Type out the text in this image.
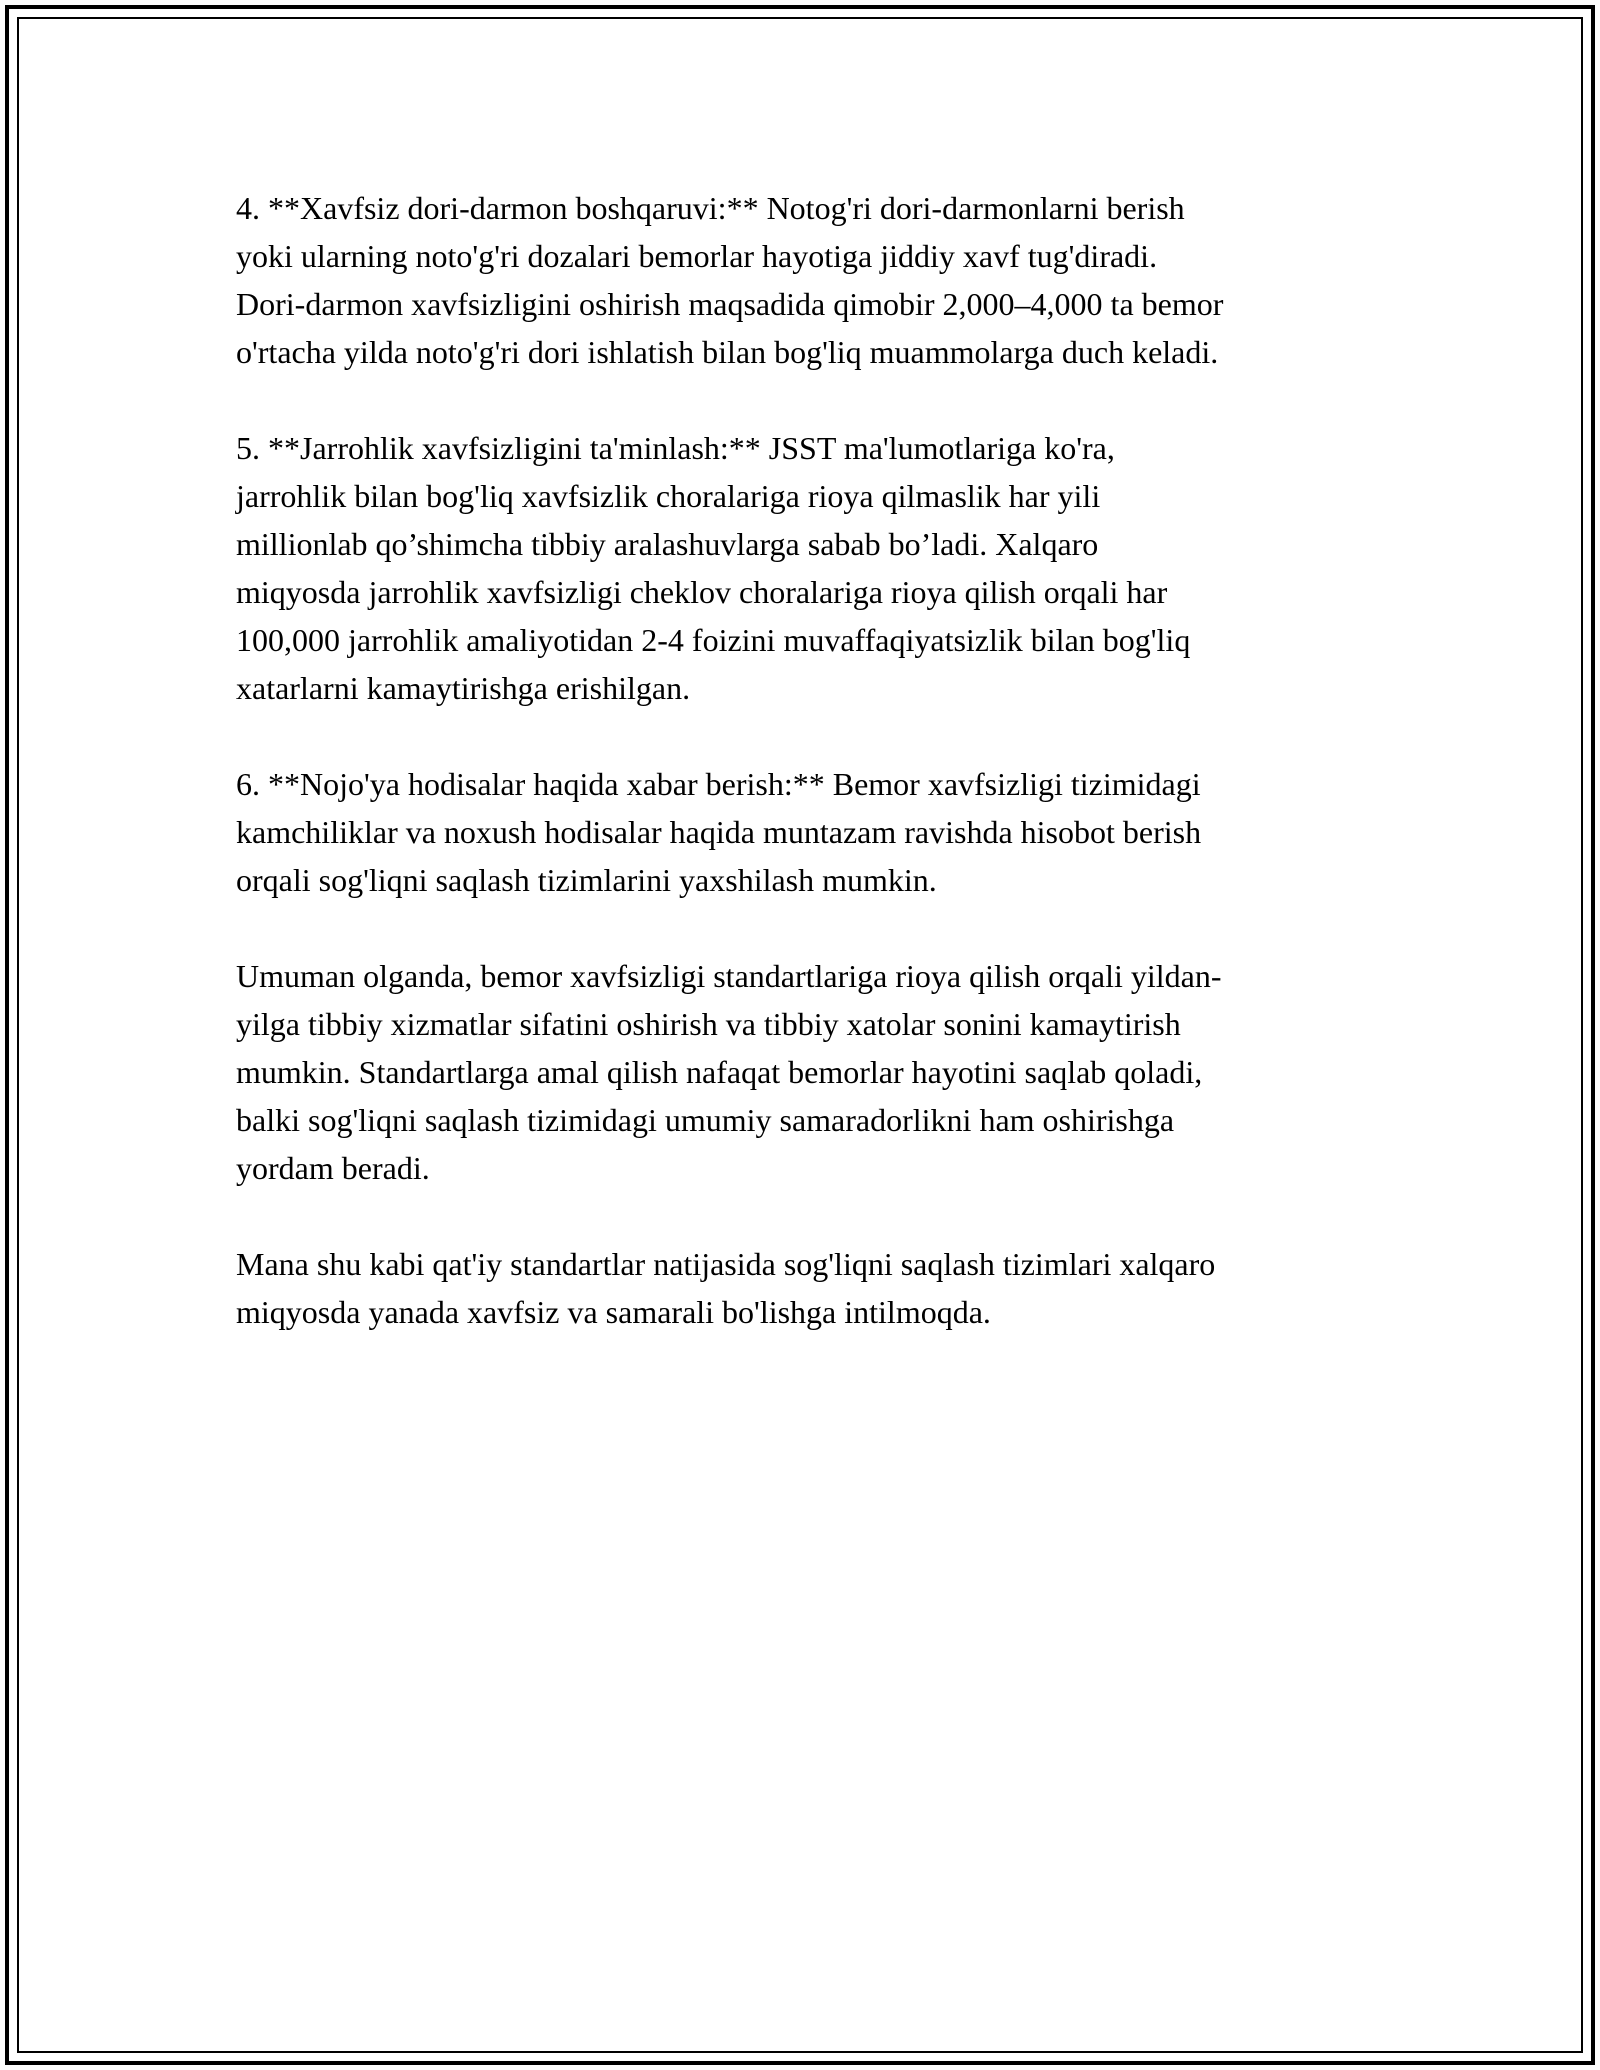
4. **Xavfsiz dori-darmon boshqaruvi:** Notog'ri dori-darmonlarni berish
yoki ularning noto'g'ri dozalari bemorlar hayotiga jiddiy xavf tug'diradi.
Dori-darmon xavfsizligini oshirish maqsadida qimobir 2,000–4,000 ta bemor
o'rtacha yilda noto'g'ri dori ishlatish bilan bog'liq muammolarga duch keladi.

5. **Jarrohlik xavfsizligini ta'minlash:** JSST ma'lumotlariga ko'ra,
jarrohlik bilan bog'liq xavfsizlik choralariga rioya qilmaslik har yili
millionlab qo’shimcha tibbiy aralashuvlarga sabab bo’ladi. Xalqaro
miqyosda jarrohlik xavfsizligi cheklov choralariga rioya qilish orqali har
100,000 jarrohlik amaliyotidan 2-4 foizini muvaffaqiyatsizlik bilan bog'liq
xatarlarni kamaytirishga erishilgan.

6. **Nojo'ya hodisalar haqida xabar berish:** Bemor xavfsizligi tizimidagi
kamchiliklar va noxush hodisalar haqida muntazam ravishda hisobot berish
orqali sog'liqni saqlash tizimlarini yaxshilash mumkin.

Umuman olganda, bemor xavfsizligi standartlariga rioya qilish orqali yildan-
yilga tibbiy xizmatlar sifatini oshirish va tibbiy xatolar sonini kamaytirish
mumkin. Standartlarga amal qilish nafaqat bemorlar hayotini saqlab qoladi,
balki sog'liqni saqlash tizimidagi umumiy samaradorlikni ham oshirishga
yordam beradi.

Mana shu kabi qat'iy standartlar natijasida sog'liqni saqlash tizimlari xalqaro
miqyosda yanada xavfsiz va samarali bo'lishga intilmoqda.
